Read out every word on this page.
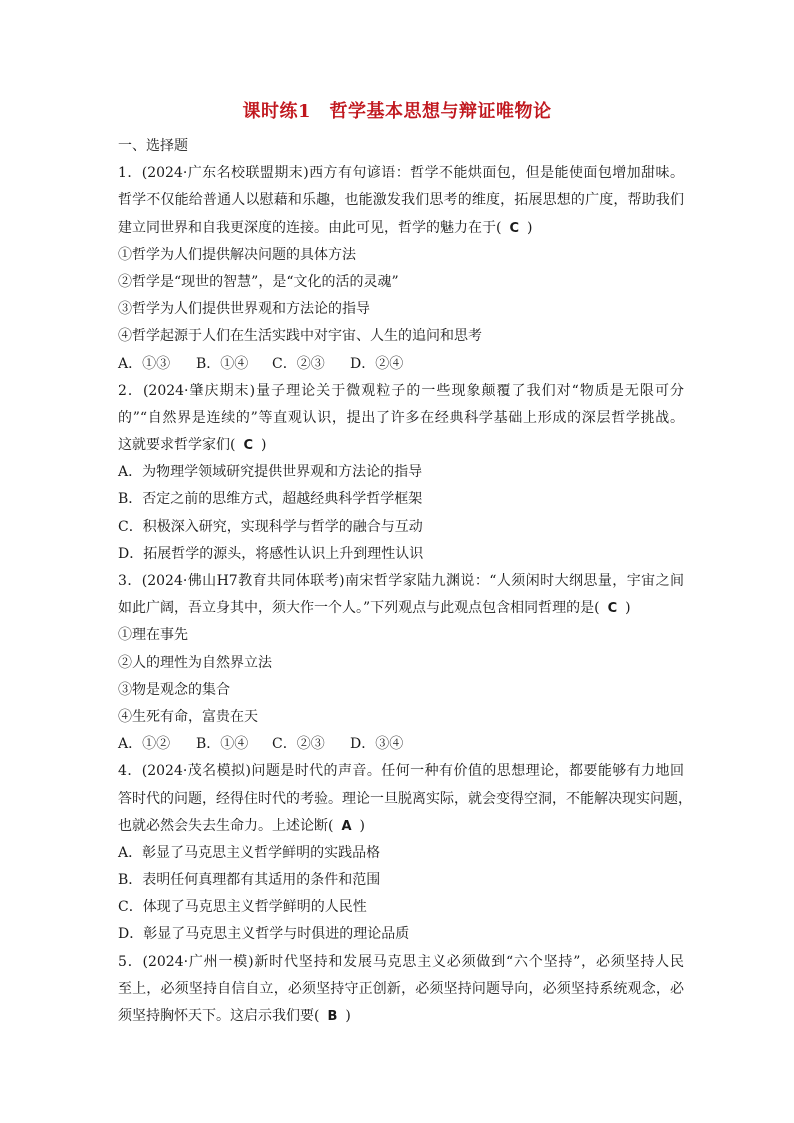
课时练1　哲学基本思想与辩证唯物论
一、选择题
1．(2024·广东名校联盟期末)西方有句谚语：哲学不能烘面包，但是能使面包增加甜味。
哲学不仅能给普通人以慰藉和乐趣，也能激发我们思考的维度，拓展思想的广度，帮助我们
建立同世界和自我更深度的连接。由此可见，哲学的魅力在于( C )
①哲学为人们提供解决问题的具体方法
②哲学是“现世的智慧”，是“文化的活的灵魂”
③哲学为人们提供世界观和方法论的指导
④哲学起源于人们在生活实践中对宇宙、人生的追问和思考
A．①③ B．①④ C．②③ D．②④
2．(2024·肇庆期末)量子理论关于微观粒子的一些现象颠覆了我们对“物质是无限可分
的”“自然界是连续的”等直观认识，提出了许多在经典科学基础上形成的深层哲学挑战。
这就要求哲学家们( C )
A．为物理学领域研究提供世界观和方法论的指导
B．否定之前的思维方式，超越经典科学哲学框架
C．积极深入研究，实现科学与哲学的融合与互动
D．拓展哲学的源头，将感性认识上升到理性认识
3．(2024·佛山H7教育共同体联考)南宋哲学家陆九渊说：“人须闲时大纲思量，宇宙之间
如此广阔，吾立身其中，须大作一个人。”下列观点与此观点包含相同哲理的是( C )
①理在事先
②人的理性为自然界立法
③物是观念的集合
④生死有命，富贵在天
A．①② B．①④ C．②③ D．③④
4．(2024·茂名模拟)问题是时代的声音。任何一种有价值的思想理论，都要能够有力地回
答时代的问题，经得住时代的考验。理论一旦脱离实际，就会变得空洞，不能解决现实问题，
也就必然会失去生命力。上述论断( A )
A．彰显了马克思主义哲学鲜明的实践品格
B．表明任何真理都有其适用的条件和范围
C．体现了马克思主义哲学鲜明的人民性
D．彰显了马克思主义哲学与时俱进的理论品质
5．(2024·广州一模)新时代坚持和发展马克思主义必须做到“六个坚持”，必须坚持人民
至上，必须坚持自信自立，必须坚持守正创新，必须坚持问题导向，必须坚持系统观念，必
须坚持胸怀天下。这启示我们要( B )
